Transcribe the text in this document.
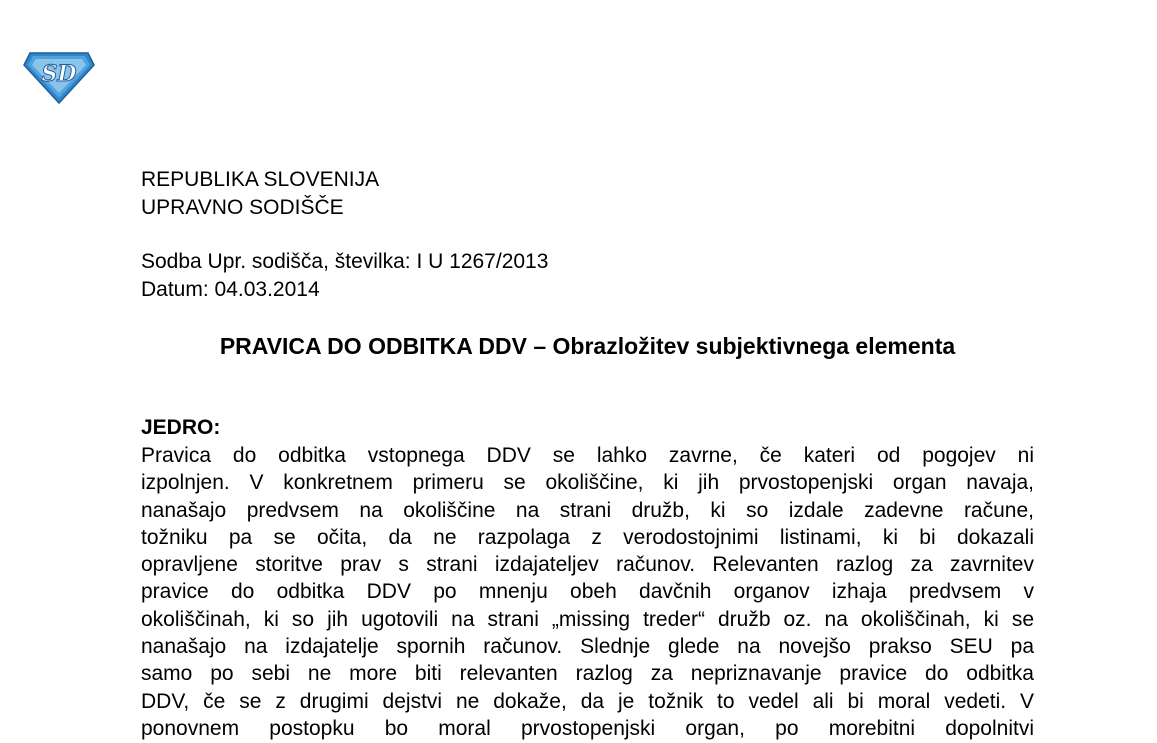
SD
REPUBLIKA SLOVENIJA
UPRAVNO SODIŠČE
Sodba Upr. sodišča, številka: I U 1267/2013
Datum: 04.03.2014
PRAVICA DO ODBITKA DDV – Obrazložitev subjektivnega elementa
JEDRO:
Pravica do odbitka vstopnega DDV se lahko zavrne, če kateri od pogojev ni
izpolnjen. V konkretnem primeru se okoliščine, ki jih prvostopenjski organ navaja,
nanašajo predvsem na okoliščine na strani družb, ki so izdale zadevne račune,
tožniku pa se očita, da ne razpolaga z verodostojnimi listinami, ki bi dokazali
opravljene storitve prav s strani izdajateljev računov. Relevanten razlog za zavrnitev
pravice do odbitka DDV po mnenju obeh davčnih organov izhaja predvsem v
okoliščinah, ki so jih ugotovili na strani „missing treder“ družb oz. na okoliščinah, ki se
nanašajo na izdajatelje spornih računov. Slednje glede na novejšo prakso SEU pa
samo po sebi ne more biti relevanten razlog za nepriznavanje pravice do odbitka
DDV, če se z drugimi dejstvi ne dokaže, da je tožnik to vedel ali bi moral vedeti. V
ponovnem postopku bo moral prvostopenjski organ, po morebitni dopolnitvi
